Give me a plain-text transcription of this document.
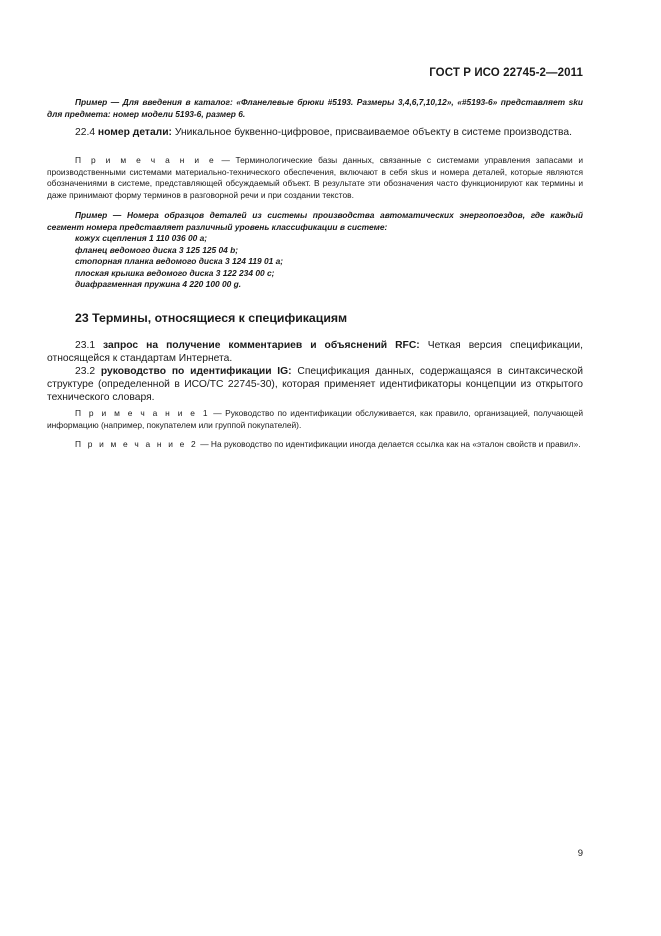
ГОСТ Р ИСО 22745-2—2011
Пример — Для введения в каталог: «Фланелевые брюки #5193. Размеры 3,4,6,7,10,12», «#5193-6» представляет sku для предмета: номер модели 5193-6, размер 6.
22.4 номер детали: Уникальное буквенно-цифровое, присваиваемое объекту в системе производства.
П р и м е ч а н и е — Терминологические базы данных, связанные с системами управления запасами и производственными системами материально-технического обеспечения, включают в себя skus и номера деталей, которые являются обозначениями в системе, представляющей обсуждаемый объект. В результате эти обозначения часто функционируют как термины и даже принимают форму терминов в разговорной речи и при создании текстов.
Пример — Номера образцов деталей из системы производства автоматических энергопоездов, где каждый сегмент номера представляет различный уровень классификации в системе:
кожух сцепления 1 110 036 00 a;
фланец ведомого диска 3 125 125 04 b;
стопорная планка ведомого диска 3 124 119 01 a;
плоская крышка ведомого диска 3 122 234 00 c;
диафрагменная пружина 4 220 100 00 g.
23 Термины, относящиеся к спецификациям
23.1 запрос на получение комментариев и объяснений RFC: Четкая версия спецификации, относящейся к стандартам Интернета.
23.2 руководство по идентификации IG: Спецификация данных, содержащаяся в синтаксической структуре (определенной в ИСО/ТС 22745-30), которая применяет идентификаторы концепции из открытого технического словаря.
П р и м е ч а н и е 1 — Руководство по идентификации обслуживается, как правило, организацией, получающей информацию (например, покупателем или группой покупателей).
П р и м е ч а н и е 2 — На руководство по идентификации иногда делается ссылка как на «эталон свойств и правил».
9
